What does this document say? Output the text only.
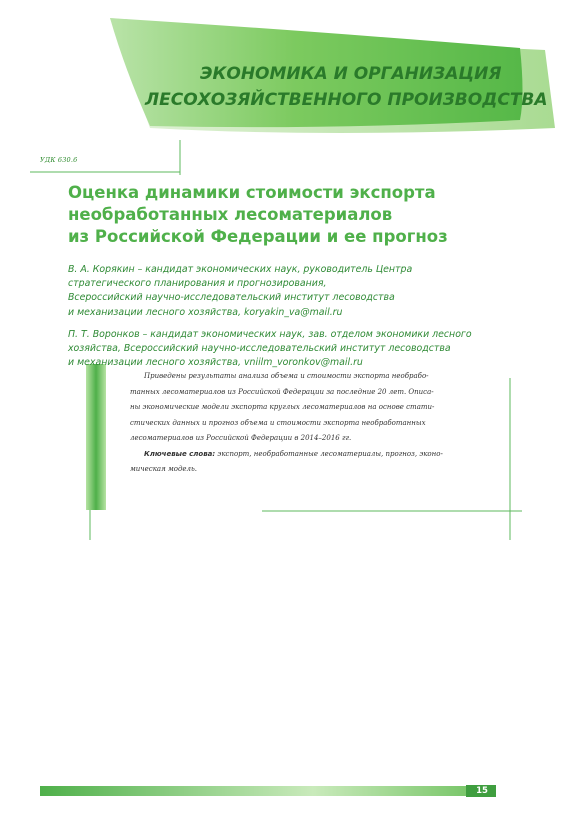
ЭКОНОМИКА И ОРГАНИЗАЦИЯ
ЛЕСОХОЗЯЙСТВЕННОГО ПРОИЗВОДСТВА
УДК 630.6
Оценка динамики стоимости экспорта
необработанных лесоматериалов
из Российской Федерации и ее прогноз
В. А. Корякин – кандидат экономических наук, руководитель Центра
стратегического планирования и прогнозирования,
Всероссийский научно-исследовательский институт лесоводства
и механизации лесного хозяйства, koryakin_va@mail.ru
П. Т. Воронков – кандидат экономических наук, зав. отделом экономики лесного
хозяйства, Всероссийский научно-исследовательский институт лесоводства
и механизации лесного хозяйства, vniilm_voronkov@mail.ru
Приведены результаты анализа объема и стоимости экспорта необрабо-
танных лесоматериалов из Российской Федерации за последние 20 лет. Описа-
ны экономические модели экспорта круглых лесоматериалов на основе стати-
стических данных и прогноз объема и стоимости экспорта необработанных
лесоматериалов из Российской Федерации в 2014–2016 гг.
Ключевые слова: экспорт, необработанные лесоматериалы, прогноз, эконо-
мическая модель.
15
